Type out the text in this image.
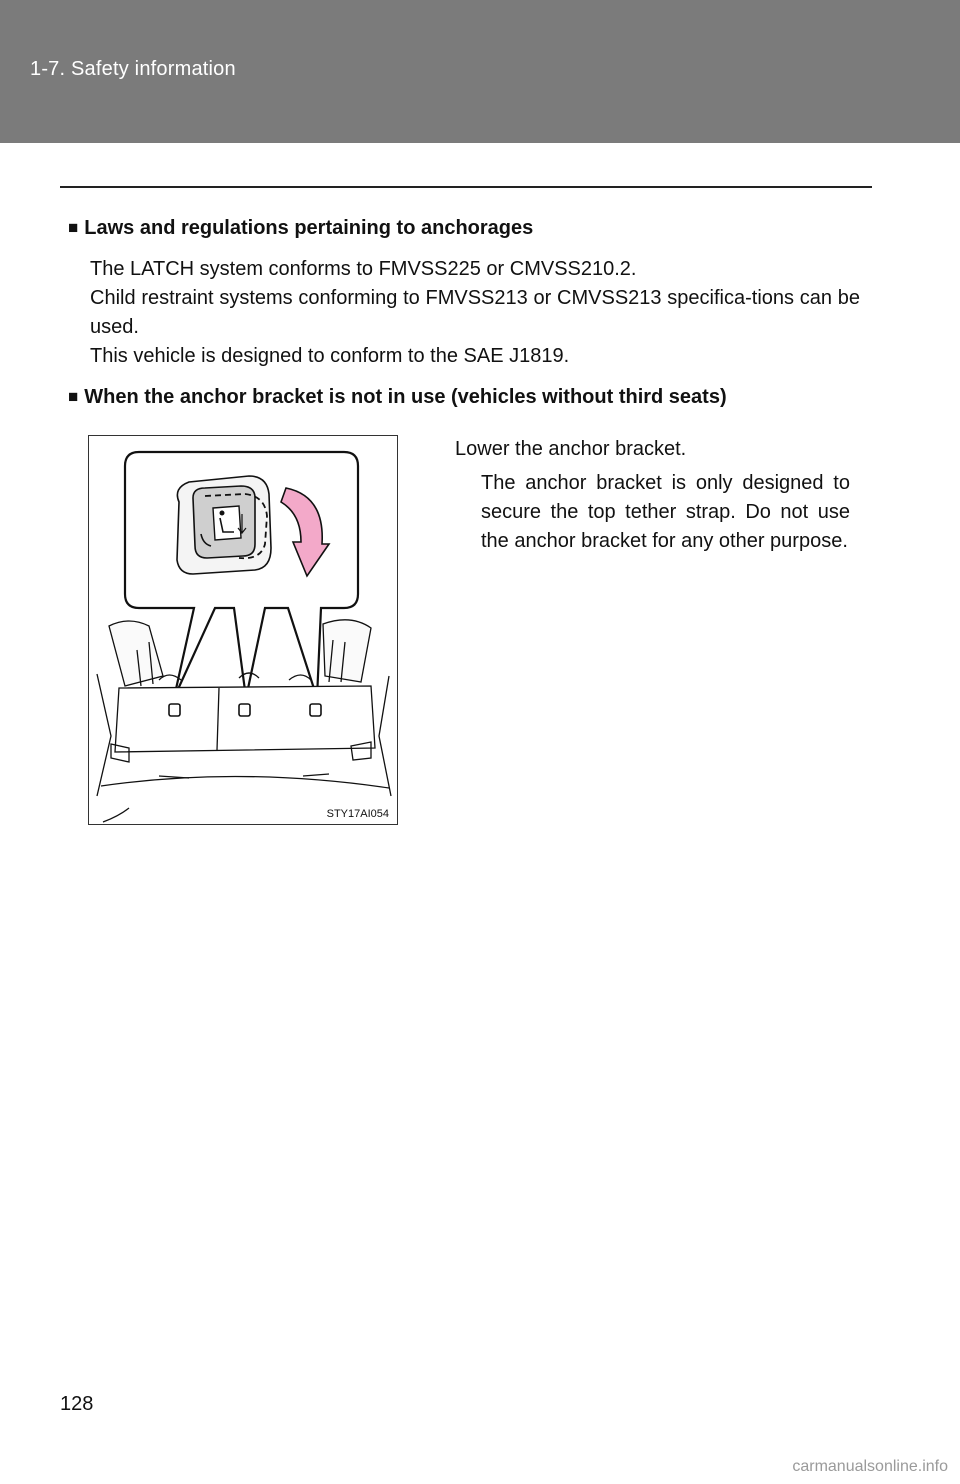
1-7. Safety information
■ Laws and regulations pertaining to anchorages

The LATCH system conforms to FMVSS225 or CMVSS210.2.

Child restraint systems conforming to FMVSS213 or CMVSS213 specifica-tions can be used.

This vehicle is designed to conform to the SAE J1819.

■ When the anchor bracket is not in use (vehicles without third seats)
STY17AI054
Lower the anchor bracket.
The anchor bracket is only designed to secure the top tether strap. Do not use the anchor bracket for any other purpose.
128
carmanualsonline.info
